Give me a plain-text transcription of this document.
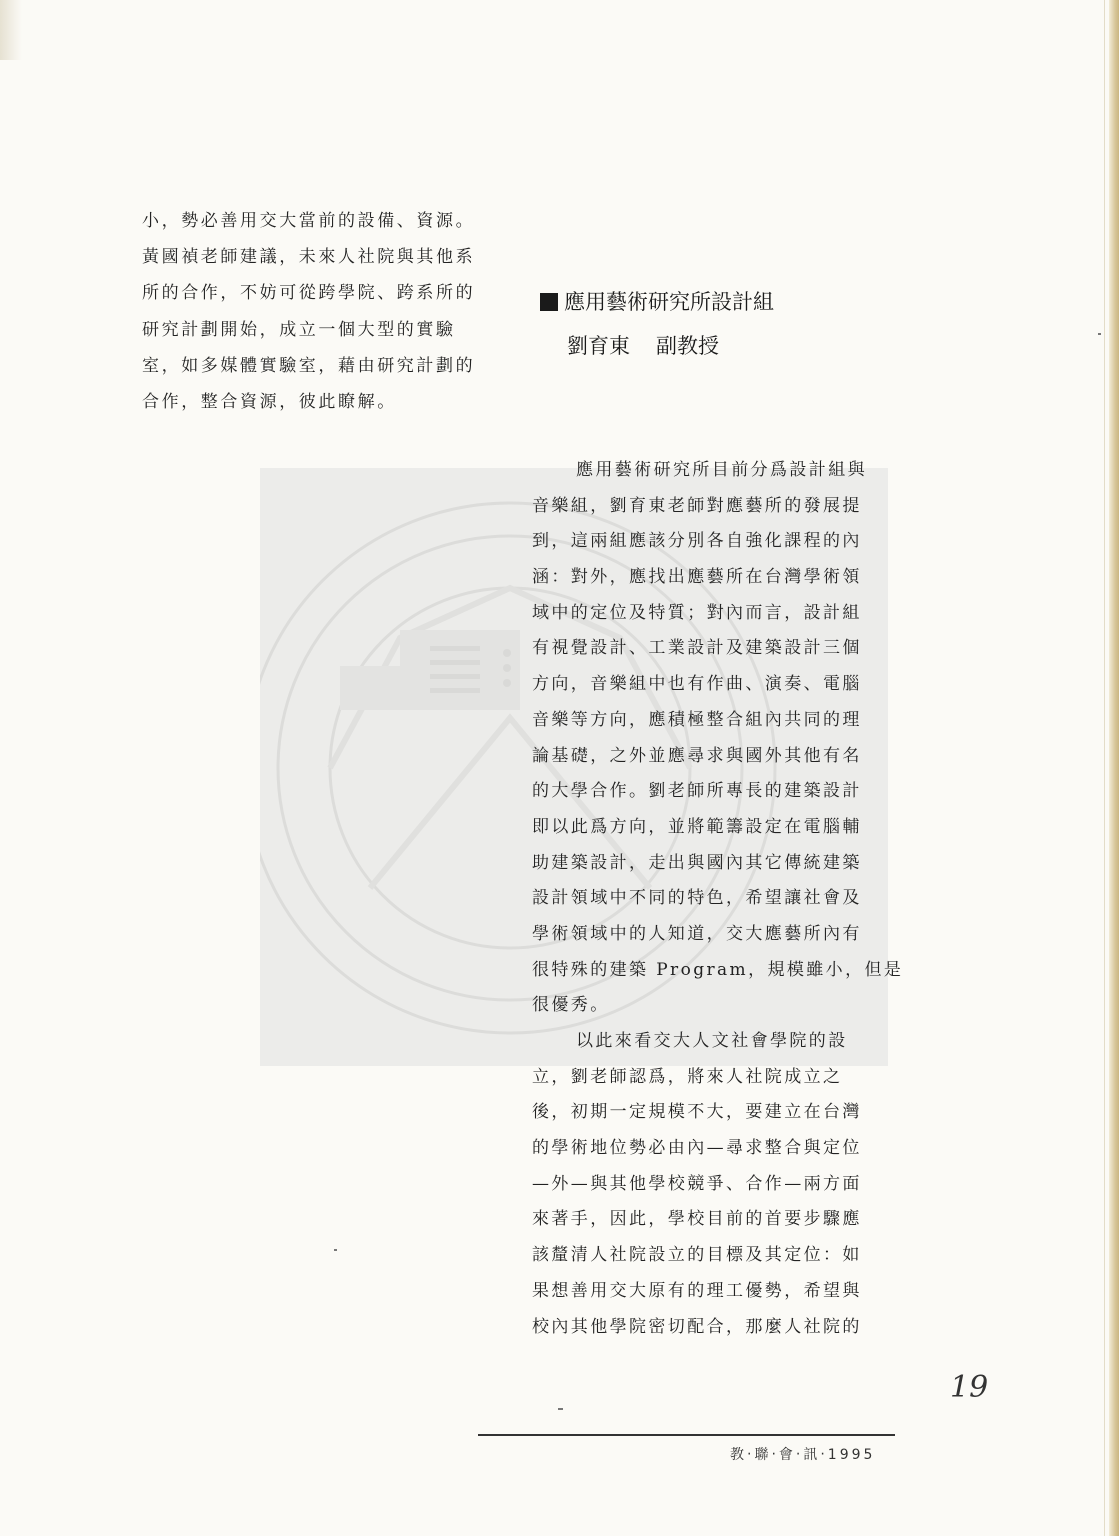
小，勢必善用交大當前的設備、資源。
黃國禎老師建議，未來人社院與其他系
所的合作，不妨可從跨學院、跨系所的
研究計劃開始，成立一個大型的實驗
室，如多媒體實驗室，藉由研究計劃的
合作，整合資源，彼此瞭解。
應用藝術研究所設計組
劉育東 副教授
應用藝術研究所目前分爲設計組與
音樂組，劉育東老師對應藝所的發展提
到，這兩組應該分別各自強化課程的內
涵：對外，應找出應藝所在台灣學術領
域中的定位及特質；對內而言，設計組
有視覺設計、工業設計及建築設計三個
方向，音樂組中也有作曲、演奏、電腦
音樂等方向，應積極整合組內共同的理
論基礎，之外並應尋求與國外其他有名
的大學合作。劉老師所專長的建築設計
即以此爲方向，並將範籌設定在電腦輔
助建築設計，走出與國內其它傳統建築
設計領域中不同的特色，希望讓社會及
學術領域中的人知道，交大應藝所內有
很特殊的建築 Program，規模雖小，但是
很優秀。
以此來看交大人文社會學院的設
立，劉老師認爲，將來人社院成立之
後，初期一定規模不大，要建立在台灣
的學術地位勢必由內—尋求整合與定位
—外—與其他學校競爭、合作—兩方面
來著手，因此，學校目前的首要步驟應
該釐清人社院設立的目標及其定位：如
果想善用交大原有的理工優勢，希望與
校內其他學院密切配合，那麼人社院的
19
教‧聯‧會‧訊‧1995
